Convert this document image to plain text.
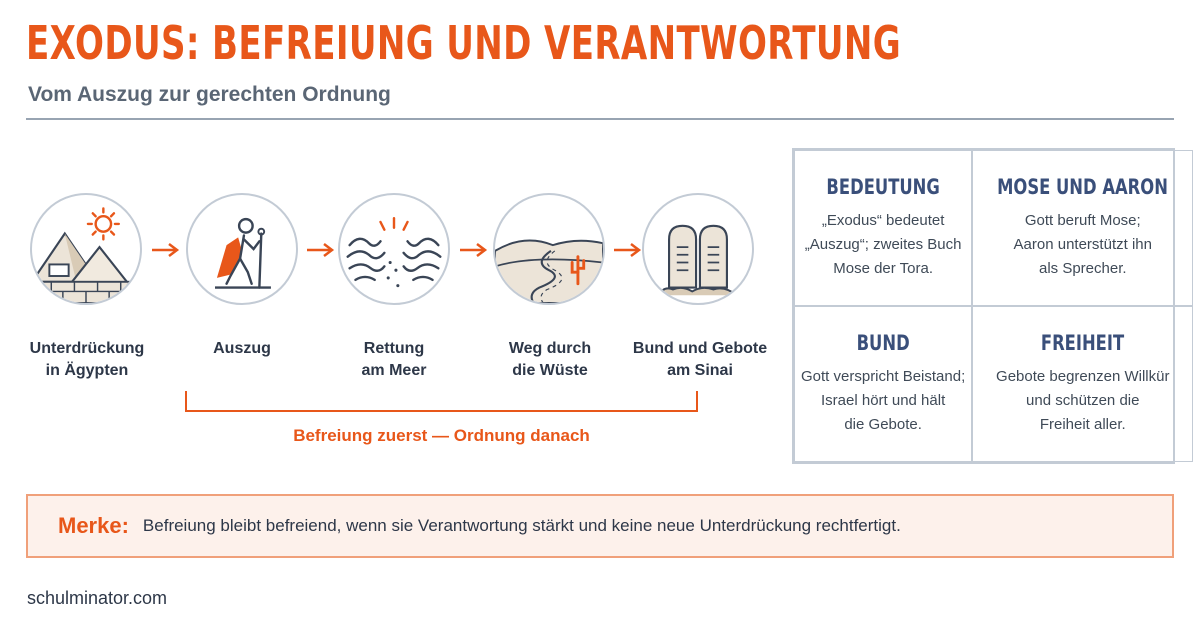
EXODUS: BEFREIUNG UND VERANTWORTUNG
Vom Auszug zur gerechten Ordnung
Unterdrückung
in Ägypten
Auszug	Rettung
am Meer
Weg durch
die Wüste
Bund und Gebote
am Sinai
Befreiung zuerst — Ordnung danach
BEDEUTUNG
„Exodus“ bedeutet
„Auszug“; zweites Buch
Mose der Tora.
MOSE UND AARON
Gott beruft Mose;
Aaron unterstützt ihn
als Sprecher.
BUND
Gott verspricht Beistand;
Israel hört und hält
die Gebote.
FREIHEIT
Gebote begrenzen Willkür
und schützen die
Freiheit aller.
Merke: Befreiung bleibt befreiend, wenn sie Verantwortung stärkt und keine neue Unterdrückung rechtfertigt.
schulminator.com
